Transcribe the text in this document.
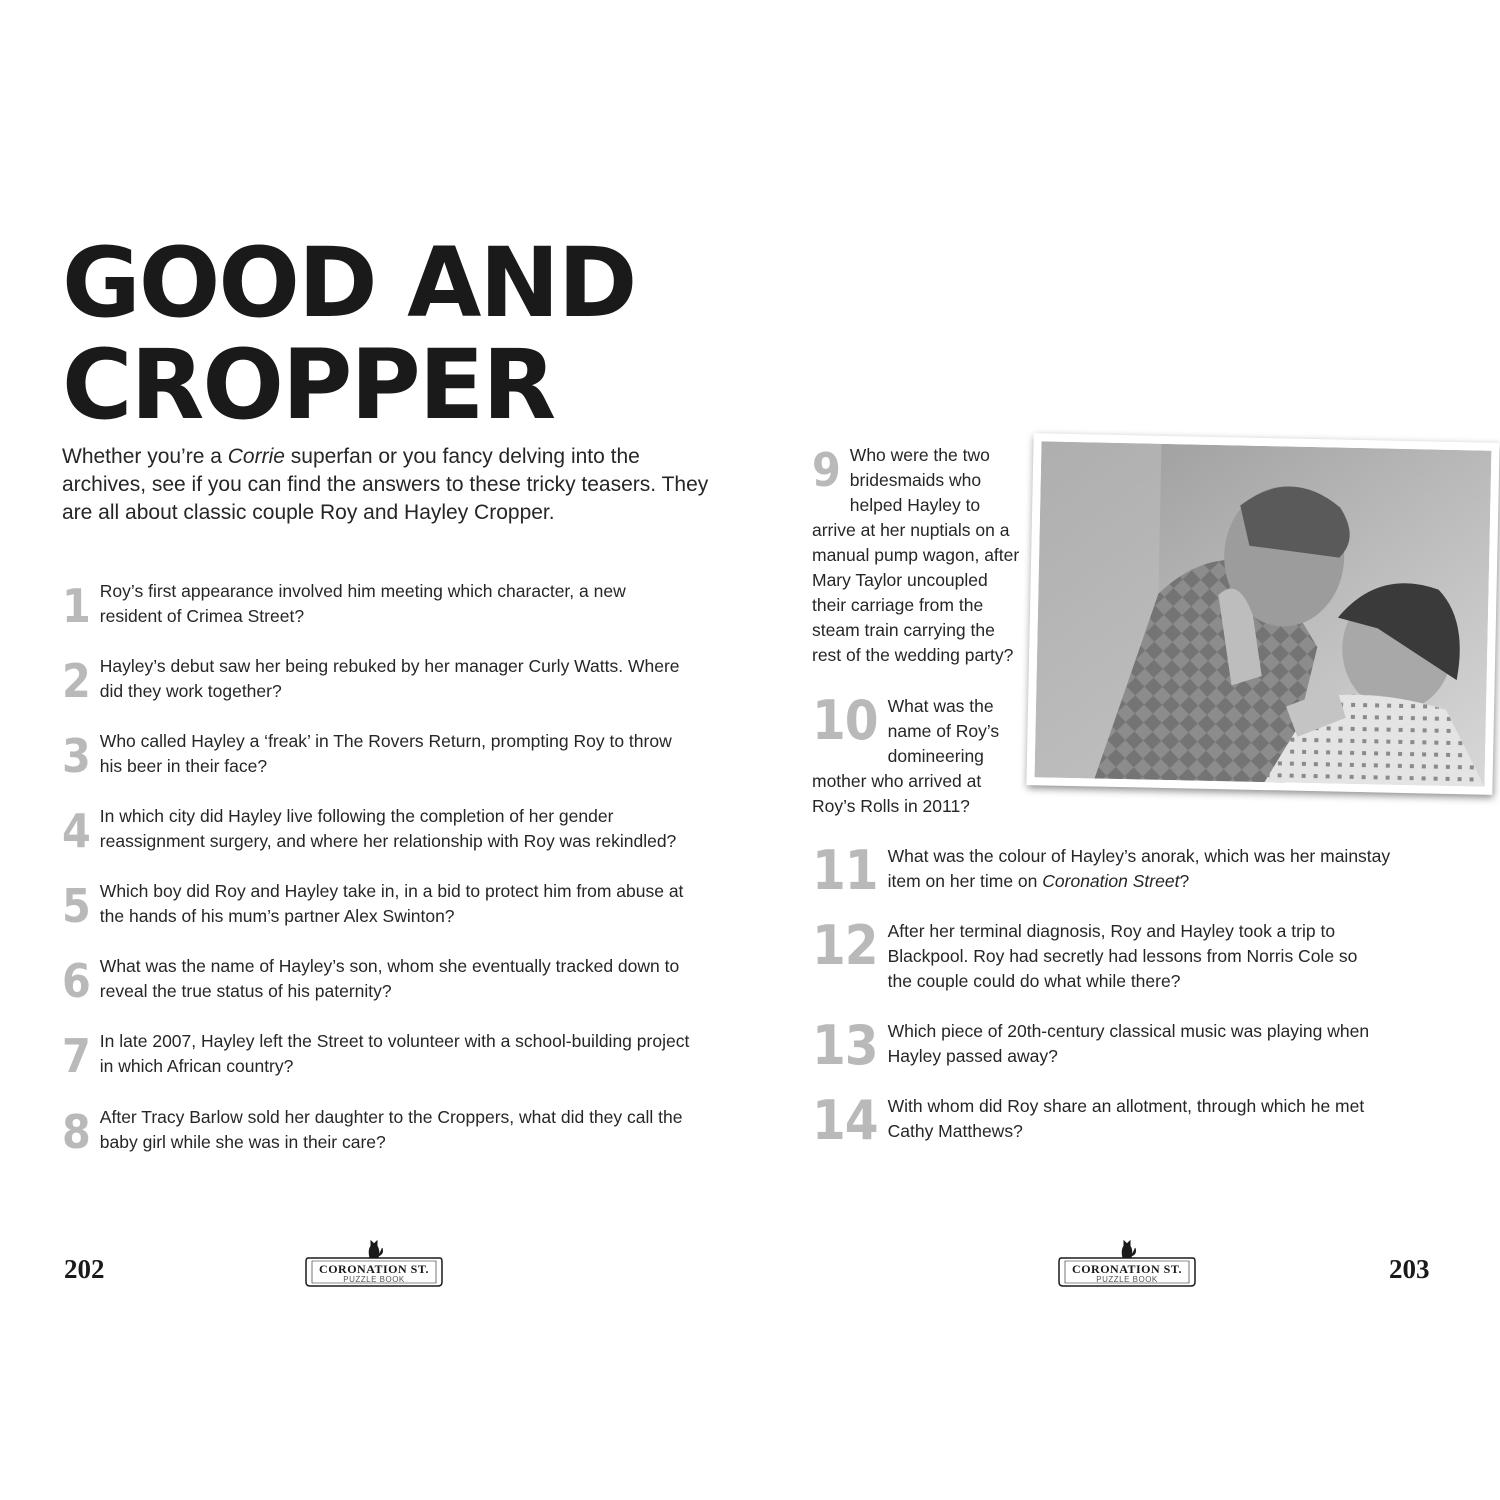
GOOD AND
CROPPER

Whether you’re a Corrie superfan or you fancy delving into the archives, see if you can find the answers to these tricky teasers. They are all about classic couple Roy and Hayley Cropper.

1 Roy’s first appearance involved him meeting which character, a new resident of Crimea Street?
2 Hayley’s debut saw her being rebuked by her manager Curly Watts. Where did they work together?
3 Who called Hayley a ‘freak’ in The Rovers Return, prompting Roy to throw his beer in their face?
4 In which city did Hayley live following the completion of her gender reassignment surgery, and where her relationship with Roy was rekindled?
5 Which boy did Roy and Hayley take in, in a bid to protect him from abuse at the hands of his mum’s partner Alex Swinton?
6 What was the name of Hayley’s son, whom she eventually tracked down to reveal the true status of his paternity?
7 In late 2007, Hayley left the Street to volunteer with a school-building project in which African country?
8 After Tracy Barlow sold her daughter to the Croppers, what did they call the baby girl while she was in their care?
9 Who were the two bridesmaids who helped Hayley to arrive at her nuptials on a manual pump wagon, after Mary Taylor uncoupled their carriage from the steam train carrying the rest of the wedding party?
10 What was the name of Roy’s domineering mother who arrived at Roy’s Rolls in 2011?
11 What was the colour of Hayley’s anorak, which was her mainstay item on her time on Coronation Street?
12 After her terminal diagnosis, Roy and Hayley took a trip to Blackpool. Roy had secretly had lessons from Norris Cole so the couple could do what while there?
13 Which piece of 20th-century classical music was playing when Hayley passed away?
14 With whom did Roy share an allotment, through which he met Cathy Matthews?
202	203
CORONATION ST.
PUZZLE BOOK
CORONATION ST.
PUZZLE BOOK
